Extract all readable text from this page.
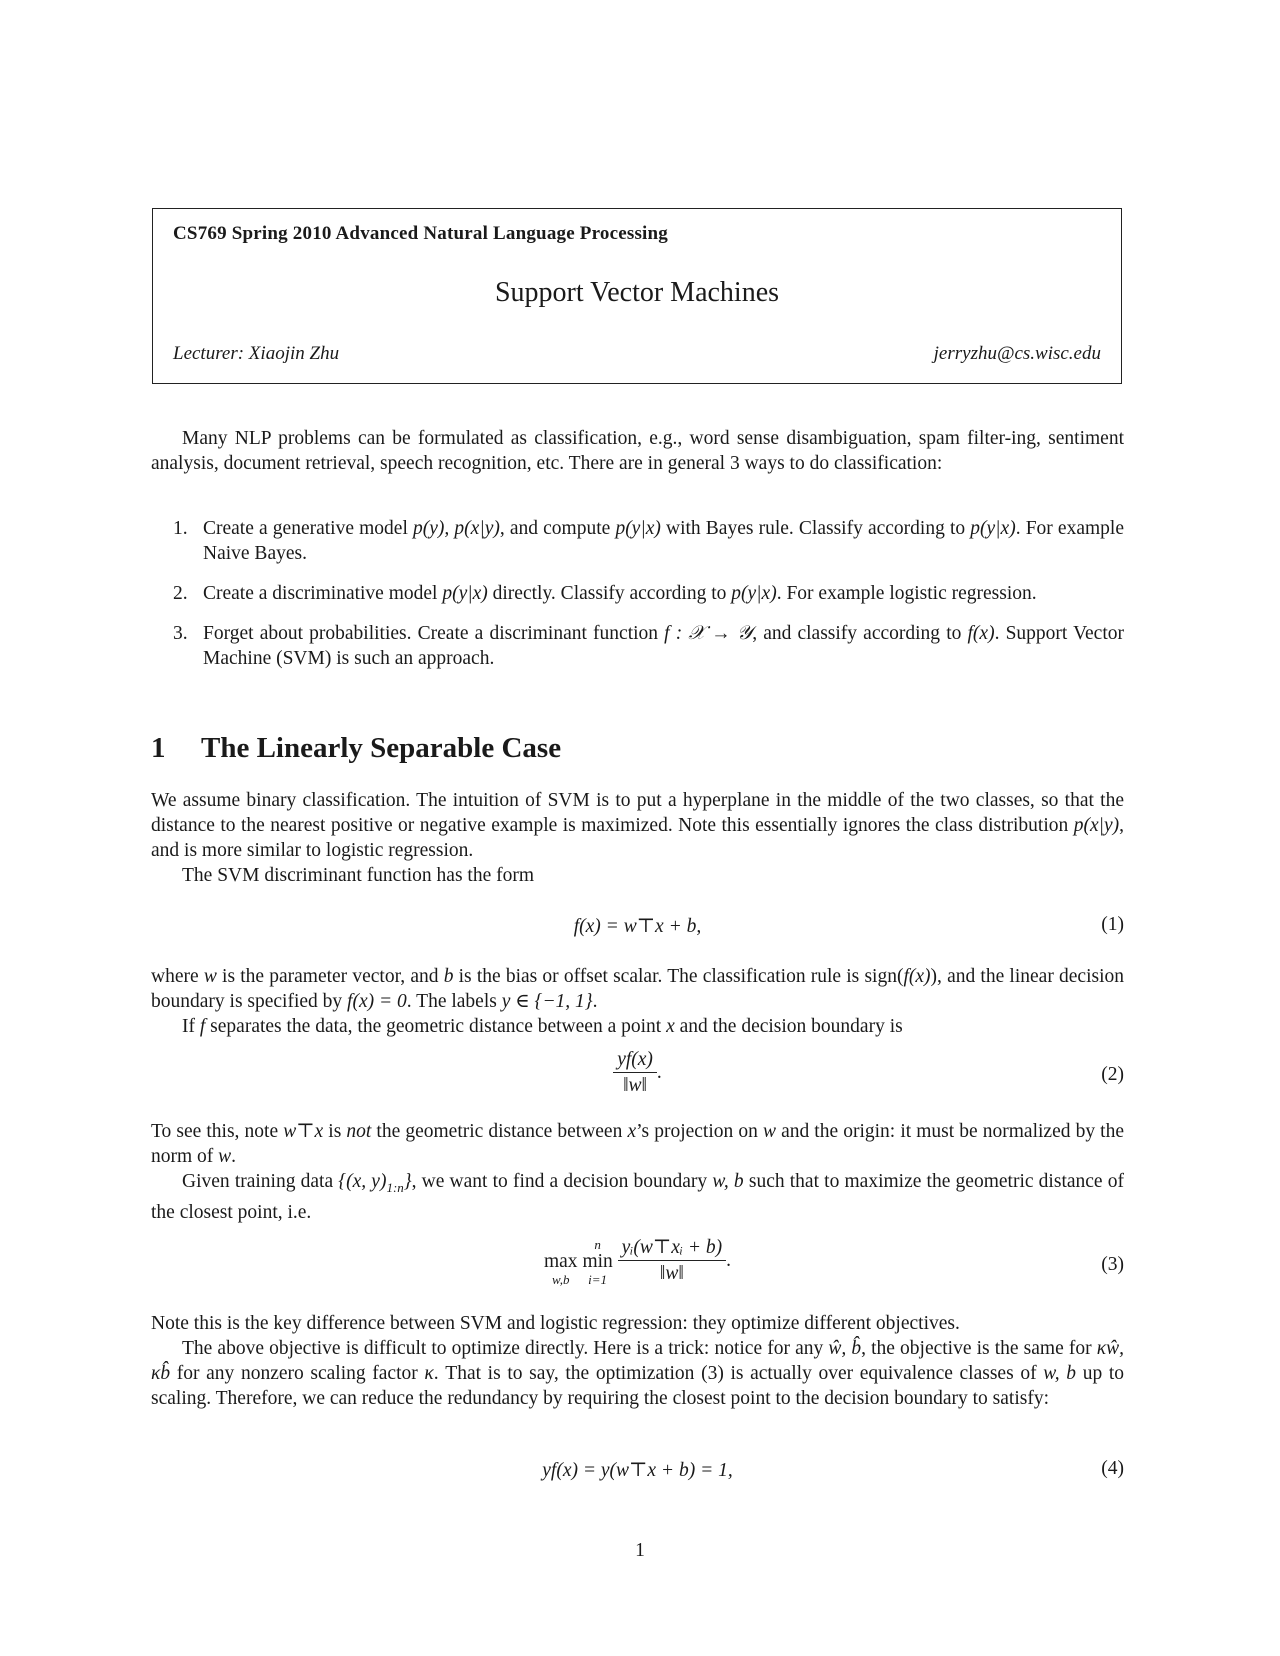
CS769 Spring 2010 Advanced Natural Language Processing
Support Vector Machines
Lecturer: Xiaojin Zhu	jerryzhu@cs.wisc.edu

Many NLP problems can be formulated as classification, e.g., word sense disambiguation, spam filter-ing, sentiment analysis, document retrieval, speech recognition, etc. There are in general 3 ways to do classification:

1. Create a generative model p(y), p(x|y), and compute p(y|x) with Bayes rule. Classify according to p(y|x). For example Naive Bayes.
2. Create a discriminative model p(y|x) directly. Classify according to p(y|x). For example logistic regression.
3. Forget about probabilities. Create a discriminant function f : 𝒳 → 𝒴, and classify according to f(x). Support Vector Machine (SVM) is such an approach.
1 The Linearly Separable Case

We assume binary classification. The intuition of SVM is to put a hyperplane in the middle of the two classes, so that the distance to the nearest positive or negative example is maximized. Note this essentially ignores the class distribution p(x|y), and is more similar to logistic regression.

The SVM discriminant function has the form

f(x) = w⊤x + b,	(1)

where w is the parameter vector, and b is the bias or offset scalar. The classification rule is sign(f(x)), and the linear decision boundary is specified by f(x) = 0. The labels y ∈ {−1, 1}.

If f separates the data, the geometric distance between a point x and the decision boundary is

$\frac{yf(x)}{‖w‖}$ .	(2)

To see this, note w⊤x is not the geometric distance between x’s projection on w and the origin: it must be normalized by the norm of w.

Given training data {(x, $y)_{1:n}$}, we want to find a decision boundary w, b such that to maximize the geometric distance of the closest point, i.e.

max
w,b

n
min
i=1
$\frac{\text{yᵢ(w⊤xᵢ + b)}}{‖w‖}$ .	(3)

Note this is the key difference between SVM and logistic regression: they optimize different objectives.

The above objective is difficult to optimize directly. Here is a trick: notice for any ŵ, b̂, the objective is the same for κŵ, κb̂ for any nonzero scaling factor κ. That is to say, the optimization (3) is actually over equivalence classes of w, b up to scaling. Therefore, we can reduce the redundancy by requiring the closest point to the decision boundary to satisfy:

yf(x) = y(w⊤x + b) = 1,	(4)
1
